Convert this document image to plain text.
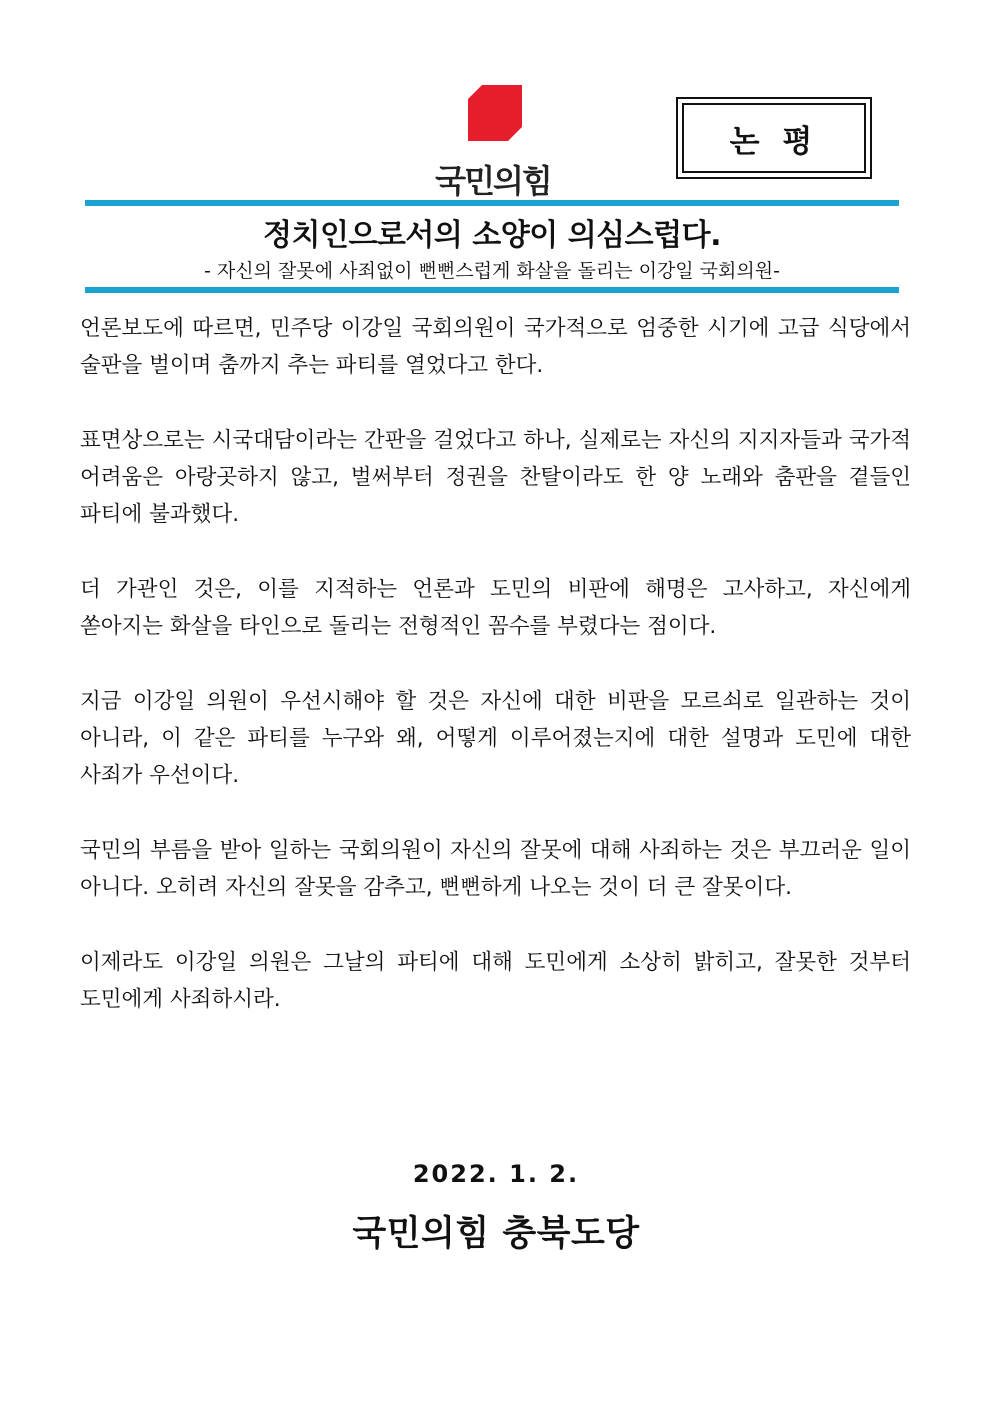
국민의힘
논 평
정치인으로서의 소양이 의심스럽다.
- 자신의 잘못에 사죄없이 뻔뻔스럽게 화살을 돌리는 이강일 국회의원-

언론보도에 따르면, 민주당 이강일 국회의원이 국가적으로 엄중한 시기에 고급 식당에서 술판을 벌이며 춤까지 추는 파티를 열었다고 한다.

표면상으로는 시국대담이라는 간판을 걸었다고 하나, 실제로는 자신의 지지자들과 국가적 어려움은 아랑곳하지 않고, 벌써부터 정권을 찬탈이라도 한 양 노래와 춤판을 곁들인 파티에 불과했다.

더 가관인 것은, 이를 지적하는 언론과 도민의 비판에 해명은 고사하고, 자신에게 쏟아지는 화살을 타인으로 돌리는 전형적인 꼼수를 부렸다는 점이다.

지금 이강일 의원이 우선시해야 할 것은 자신에 대한 비판을 모르쇠로 일관하는 것이 아니라, 이 같은 파티를 누구와 왜, 어떻게 이루어졌는지에 대한 설명과 도민에 대한 사죄가 우선이다.

국민의 부름을 받아 일하는 국회의원이 자신의 잘못에 대해 사죄하는 것은 부끄러운 일이 아니다. 오히려 자신의 잘못을 감추고, 뻔뻔하게 나오는 것이 더 큰 잘못이다.

이제라도 이강일 의원은 그날의 파티에 대해 도민에게 소상히 밝히고, 잘못한 것부터 도민에게 사죄하시라.

2022. 1. 2.
국민의힘 충북도당
